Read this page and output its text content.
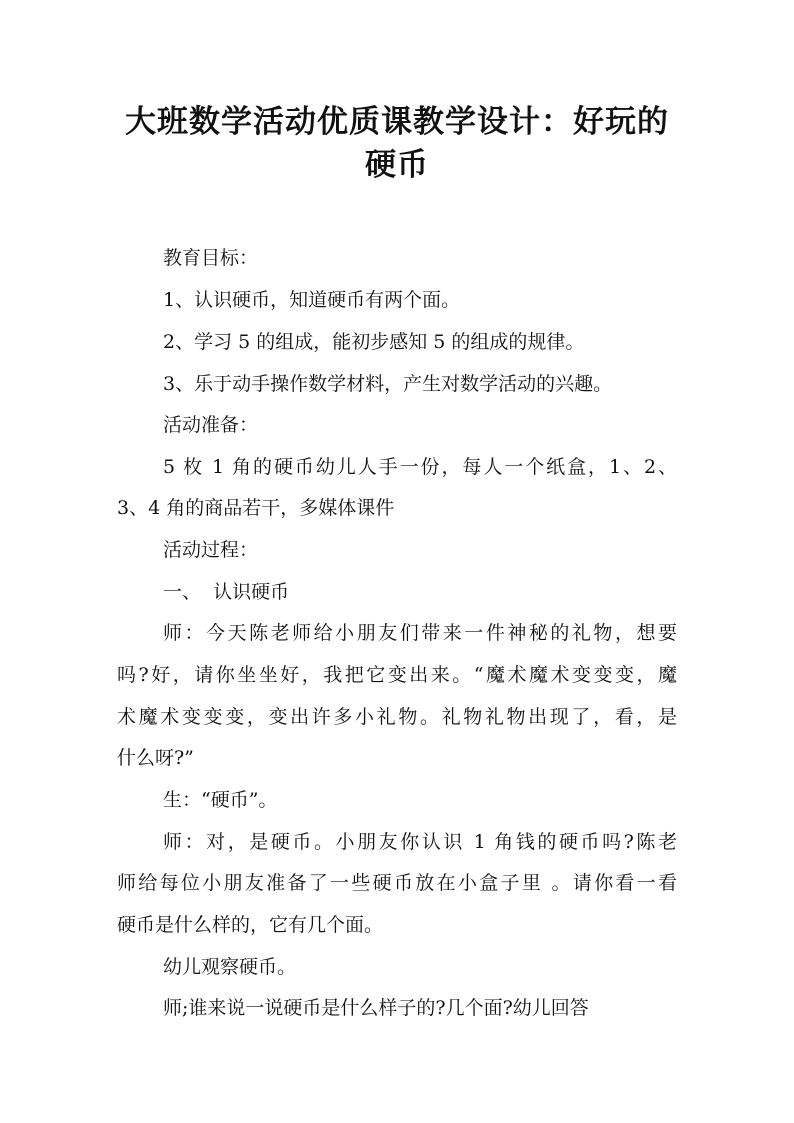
大班数学活动优质课教学设计：好玩的
硬币

教育目标：

1、认识硬币，知道硬币有两个面。

2、学习 5 的组成，能初步感知 5 的组成的规律。

3、乐于动手操作数学材料，产生对数学活动的兴趣。

活动准备：

5 枚 1 角的硬币幼儿人手一份，每人一个纸盒，1、2、

3、4 角的商品若干，多媒体课件

活动过程：

一、  认识硬币

师：今天陈老师给小朋友们带来一件神秘的礼物，想要

吗?好，请你坐坐好，我把它变出来。“魔术魔术变变变，魔

术魔术变变变，变出许多小礼物。礼物礼物出现了，看，是

什么呀?”

生：“硬币”。

师：对，是硬币。小朋友你认识 1 角钱的硬币吗?陈老

师给每位小朋友准备了一些硬币放在小盒子里 。请你看一看

硬币是什么样的，它有几个面。

幼儿观察硬币。

师;谁来说一说硬币是什么样子的?几个面?幼儿回答
